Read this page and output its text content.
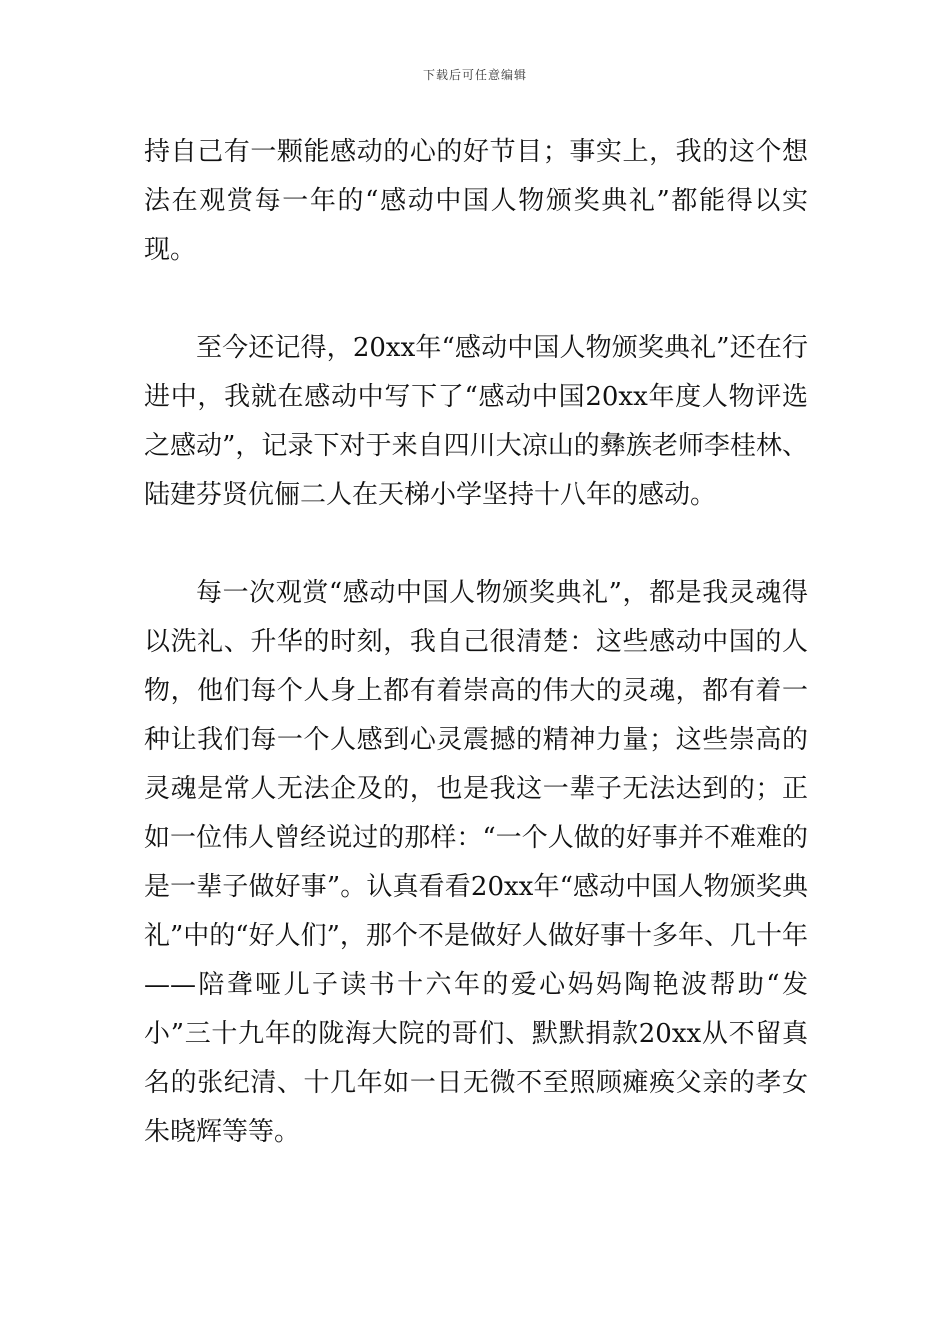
下载后可任意编辑

持自己有一颗能感动的心的好节目；事实上，我的这个想法在观赏每一年的“感动中国人物颁奖典礼”都能得以实现。

至今还记得，20xx年“感动中国人物颁奖典礼”还在行进中，我就在感动中写下了“感动中国20xx年度人物评选之感动”，记录下对于来自四川大凉山的彝族老师李桂林、陆建芬贤伉俪二人在天梯小学坚持十八年的感动。

每一次观赏“感动中国人物颁奖典礼”，都是我灵魂得以洗礼、升华的时刻，我自己很清楚：这些感动中国的人物，他们每个人身上都有着崇高的伟大的灵魂，都有着一种让我们每一个人感到心灵震撼的精神力量；这些崇高的灵魂是常人无法企及的，也是我这一辈子无法达到的；正如一位伟人曾经说过的那样：“一个人做的好事并不难难的是一辈子做好事”。认真看看20xx年“感动中国人物颁奖典礼”中的“好人们”，那个不是做好人做好事十多年、几十年——陪聋哑儿子读书十六年的爱心妈妈陶艳波帮助“发小”三十九年的陇海大院的哥们、默默捐款20xx从不留真名的张纪清、十几年如一日无微不至照顾瘫痪父亲的孝女朱晓辉等等。
